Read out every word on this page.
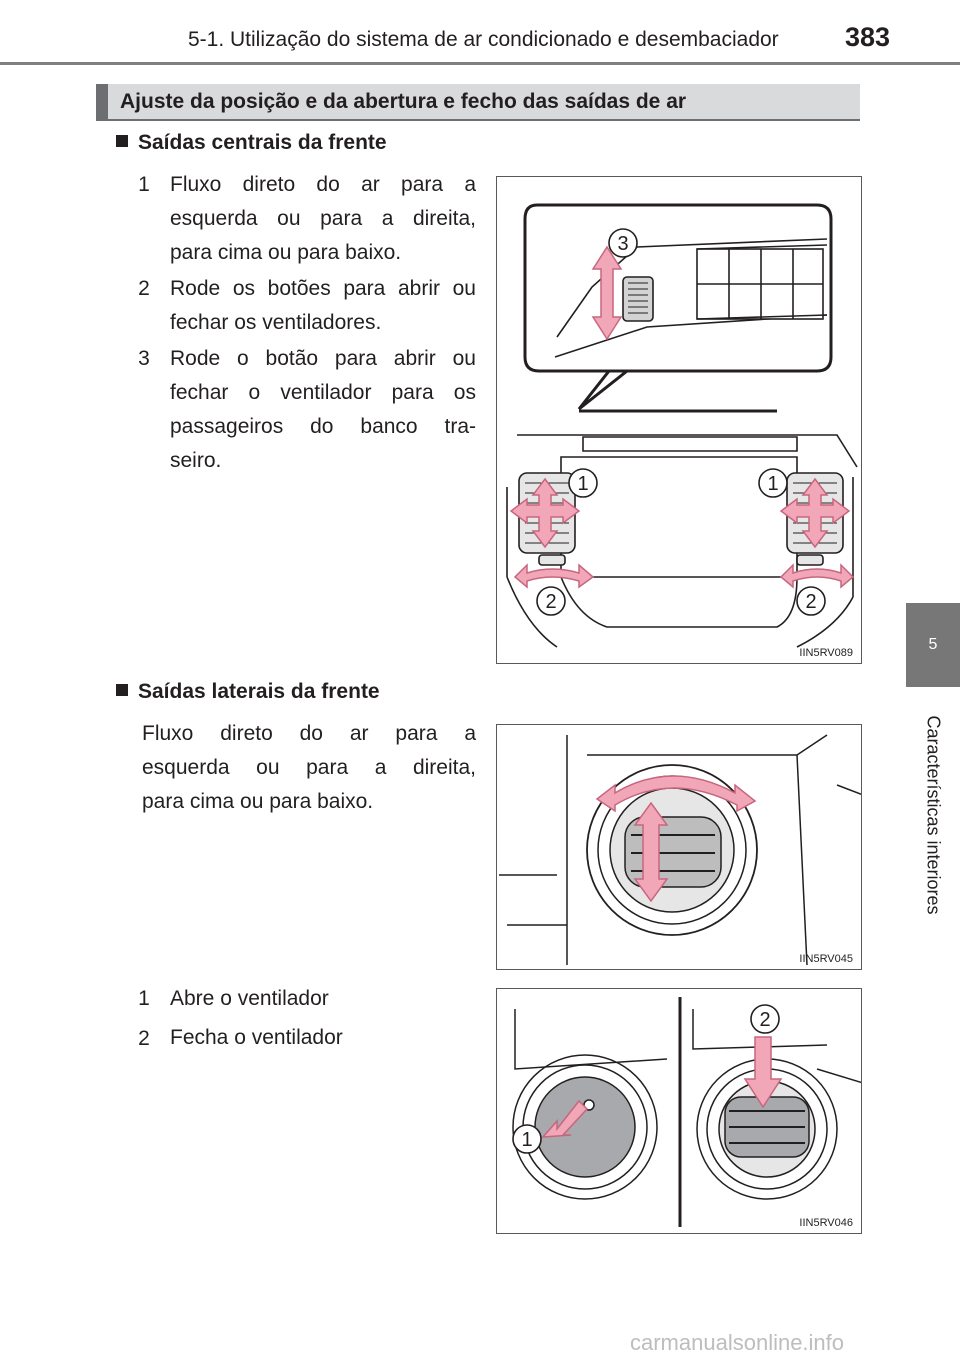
5-1. Utilização do sistema de ar condicionado e desembaciador 383
5
Características interiores
Ajuste da posição e da abertura e fecho das saídas de ar
Saídas centrais da frente
1 Fluxo direto do ar para a
esquerda ou para a direita,
para cima ou para baixo.
2 Rode os botões para abrir ou
fechar os ventiladores.
3 Rode o botão para abrir ou
fechar o ventilador para os
passageiros do banco tra-
seiro.
3
1	1
2	2
IIN5RV089
Saídas laterais da frente
Fluxo direto do ar para a
esquerda ou para a direita,
para cima ou para baixo.
IIN5RV045
1 Abre o ventilador
2 Fecha o ventilador
2
1
IIN5RV046
carmanualsonline.info
